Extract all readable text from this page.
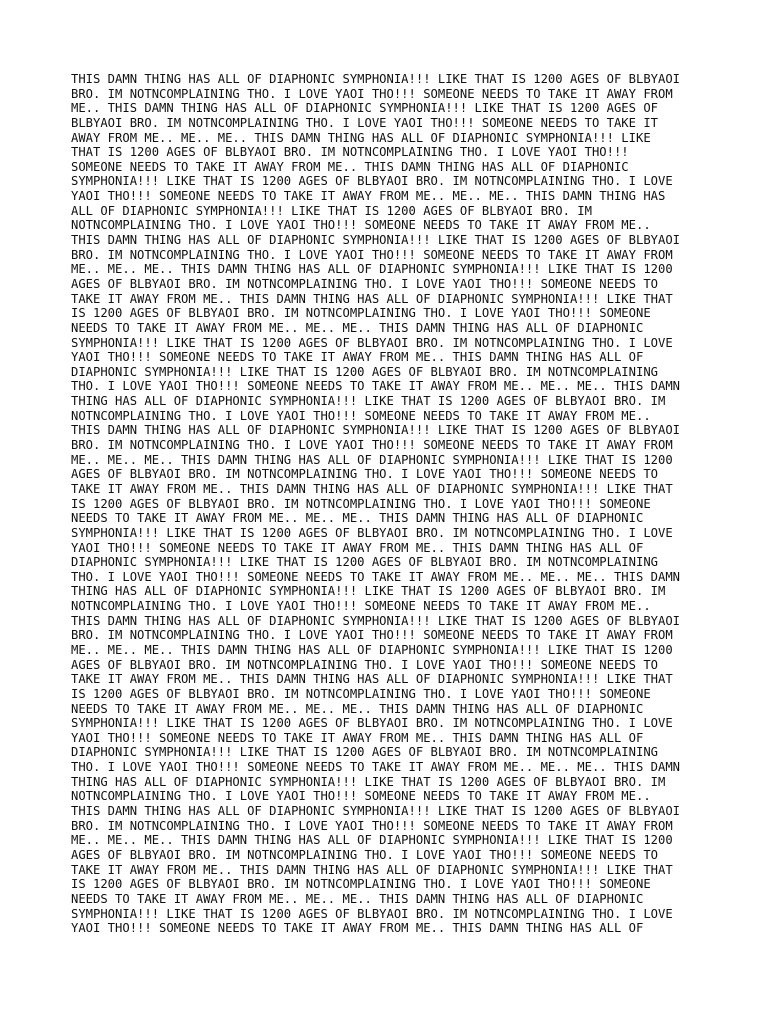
THIS DAMN THING HAS ALL OF DIAPHONIC SYMPHONIA!!! LIKE THAT IS 1200 AGES OF BLBYAOI
BRO. IM NOTNCOMPLAINING THO. I LOVE YAOI THO!!! SOMEONE NEEDS TO TAKE IT AWAY FROM
ME.. THIS DAMN THING HAS ALL OF DIAPHONIC SYMPHONIA!!! LIKE THAT IS 1200 AGES OF
BLBYAOI BRO. IM NOTNCOMPLAINING THO. I LOVE YAOI THO!!! SOMEONE NEEDS TO TAKE IT
AWAY FROM ME.. ME.. ME.. THIS DAMN THING HAS ALL OF DIAPHONIC SYMPHONIA!!! LIKE
THAT IS 1200 AGES OF BLBYAOI BRO. IM NOTNCOMPLAINING THO. I LOVE YAOI THO!!!
SOMEONE NEEDS TO TAKE IT AWAY FROM ME.. THIS DAMN THING HAS ALL OF DIAPHONIC
SYMPHONIA!!! LIKE THAT IS 1200 AGES OF BLBYAOI BRO. IM NOTNCOMPLAINING THO. I LOVE
YAOI THO!!! SOMEONE NEEDS TO TAKE IT AWAY FROM ME.. ME.. ME.. THIS DAMN THING HAS
ALL OF DIAPHONIC SYMPHONIA!!! LIKE THAT IS 1200 AGES OF BLBYAOI BRO. IM
NOTNCOMPLAINING THO. I LOVE YAOI THO!!! SOMEONE NEEDS TO TAKE IT AWAY FROM ME..
THIS DAMN THING HAS ALL OF DIAPHONIC SYMPHONIA!!! LIKE THAT IS 1200 AGES OF BLBYAOI
BRO. IM NOTNCOMPLAINING THO. I LOVE YAOI THO!!! SOMEONE NEEDS TO TAKE IT AWAY FROM
ME.. ME.. ME.. THIS DAMN THING HAS ALL OF DIAPHONIC SYMPHONIA!!! LIKE THAT IS 1200
AGES OF BLBYAOI BRO. IM NOTNCOMPLAINING THO. I LOVE YAOI THO!!! SOMEONE NEEDS TO
TAKE IT AWAY FROM ME.. THIS DAMN THING HAS ALL OF DIAPHONIC SYMPHONIA!!! LIKE THAT
IS 1200 AGES OF BLBYAOI BRO. IM NOTNCOMPLAINING THO. I LOVE YAOI THO!!! SOMEONE
NEEDS TO TAKE IT AWAY FROM ME.. ME.. ME.. THIS DAMN THING HAS ALL OF DIAPHONIC
SYMPHONIA!!! LIKE THAT IS 1200 AGES OF BLBYAOI BRO. IM NOTNCOMPLAINING THO. I LOVE
YAOI THO!!! SOMEONE NEEDS TO TAKE IT AWAY FROM ME.. THIS DAMN THING HAS ALL OF
DIAPHONIC SYMPHONIA!!! LIKE THAT IS 1200 AGES OF BLBYAOI BRO. IM NOTNCOMPLAINING
THO. I LOVE YAOI THO!!! SOMEONE NEEDS TO TAKE IT AWAY FROM ME.. ME.. ME.. THIS DAMN
THING HAS ALL OF DIAPHONIC SYMPHONIA!!! LIKE THAT IS 1200 AGES OF BLBYAOI BRO. IM
NOTNCOMPLAINING THO. I LOVE YAOI THO!!! SOMEONE NEEDS TO TAKE IT AWAY FROM ME..
THIS DAMN THING HAS ALL OF DIAPHONIC SYMPHONIA!!! LIKE THAT IS 1200 AGES OF BLBYAOI
BRO. IM NOTNCOMPLAINING THO. I LOVE YAOI THO!!! SOMEONE NEEDS TO TAKE IT AWAY FROM
ME.. ME.. ME.. THIS DAMN THING HAS ALL OF DIAPHONIC SYMPHONIA!!! LIKE THAT IS 1200
AGES OF BLBYAOI BRO. IM NOTNCOMPLAINING THO. I LOVE YAOI THO!!! SOMEONE NEEDS TO
TAKE IT AWAY FROM ME.. THIS DAMN THING HAS ALL OF DIAPHONIC SYMPHONIA!!! LIKE THAT
IS 1200 AGES OF BLBYAOI BRO. IM NOTNCOMPLAINING THO. I LOVE YAOI THO!!! SOMEONE
NEEDS TO TAKE IT AWAY FROM ME.. ME.. ME.. THIS DAMN THING HAS ALL OF DIAPHONIC
SYMPHONIA!!! LIKE THAT IS 1200 AGES OF BLBYAOI BRO. IM NOTNCOMPLAINING THO. I LOVE
YAOI THO!!! SOMEONE NEEDS TO TAKE IT AWAY FROM ME.. THIS DAMN THING HAS ALL OF
DIAPHONIC SYMPHONIA!!! LIKE THAT IS 1200 AGES OF BLBYAOI BRO. IM NOTNCOMPLAINING
THO. I LOVE YAOI THO!!! SOMEONE NEEDS TO TAKE IT AWAY FROM ME.. ME.. ME.. THIS DAMN
THING HAS ALL OF DIAPHONIC SYMPHONIA!!! LIKE THAT IS 1200 AGES OF BLBYAOI BRO. IM
NOTNCOMPLAINING THO. I LOVE YAOI THO!!! SOMEONE NEEDS TO TAKE IT AWAY FROM ME..
THIS DAMN THING HAS ALL OF DIAPHONIC SYMPHONIA!!! LIKE THAT IS 1200 AGES OF BLBYAOI
BRO. IM NOTNCOMPLAINING THO. I LOVE YAOI THO!!! SOMEONE NEEDS TO TAKE IT AWAY FROM
ME.. ME.. ME.. THIS DAMN THING HAS ALL OF DIAPHONIC SYMPHONIA!!! LIKE THAT IS 1200
AGES OF BLBYAOI BRO. IM NOTNCOMPLAINING THO. I LOVE YAOI THO!!! SOMEONE NEEDS TO
TAKE IT AWAY FROM ME.. THIS DAMN THING HAS ALL OF DIAPHONIC SYMPHONIA!!! LIKE THAT
IS 1200 AGES OF BLBYAOI BRO. IM NOTNCOMPLAINING THO. I LOVE YAOI THO!!! SOMEONE
NEEDS TO TAKE IT AWAY FROM ME.. ME.. ME.. THIS DAMN THING HAS ALL OF DIAPHONIC
SYMPHONIA!!! LIKE THAT IS 1200 AGES OF BLBYAOI BRO. IM NOTNCOMPLAINING THO. I LOVE
YAOI THO!!! SOMEONE NEEDS TO TAKE IT AWAY FROM ME.. THIS DAMN THING HAS ALL OF
DIAPHONIC SYMPHONIA!!! LIKE THAT IS 1200 AGES OF BLBYAOI BRO. IM NOTNCOMPLAINING
THO. I LOVE YAOI THO!!! SOMEONE NEEDS TO TAKE IT AWAY FROM ME.. ME.. ME.. THIS DAMN
THING HAS ALL OF DIAPHONIC SYMPHONIA!!! LIKE THAT IS 1200 AGES OF BLBYAOI BRO. IM
NOTNCOMPLAINING THO. I LOVE YAOI THO!!! SOMEONE NEEDS TO TAKE IT AWAY FROM ME..
THIS DAMN THING HAS ALL OF DIAPHONIC SYMPHONIA!!! LIKE THAT IS 1200 AGES OF BLBYAOI
BRO. IM NOTNCOMPLAINING THO. I LOVE YAOI THO!!! SOMEONE NEEDS TO TAKE IT AWAY FROM
ME.. ME.. ME.. THIS DAMN THING HAS ALL OF DIAPHONIC SYMPHONIA!!! LIKE THAT IS 1200
AGES OF BLBYAOI BRO. IM NOTNCOMPLAINING THO. I LOVE YAOI THO!!! SOMEONE NEEDS TO
TAKE IT AWAY FROM ME.. THIS DAMN THING HAS ALL OF DIAPHONIC SYMPHONIA!!! LIKE THAT
IS 1200 AGES OF BLBYAOI BRO. IM NOTNCOMPLAINING THO. I LOVE YAOI THO!!! SOMEONE
NEEDS TO TAKE IT AWAY FROM ME.. ME.. ME.. THIS DAMN THING HAS ALL OF DIAPHONIC
SYMPHONIA!!! LIKE THAT IS 1200 AGES OF BLBYAOI BRO. IM NOTNCOMPLAINING THO. I LOVE
YAOI THO!!! SOMEONE NEEDS TO TAKE IT AWAY FROM ME.. THIS DAMN THING HAS ALL OF
